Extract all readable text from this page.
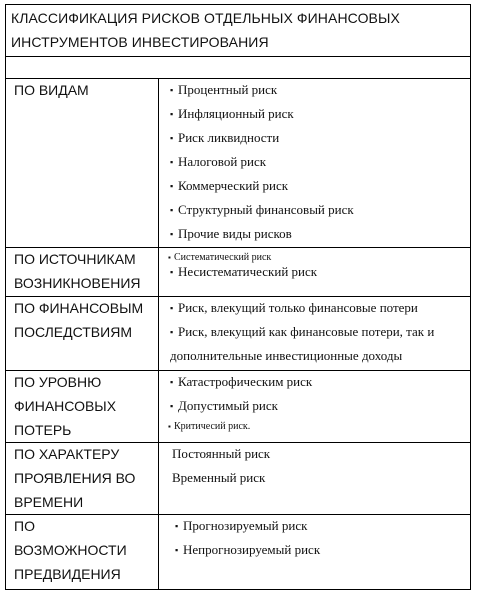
КЛАССИФИКАЦИЯ РИСКОВ ОТДЕЛЬНЫХ ФИНАНСОВЫХ ИНСТРУМЕНТОВ ИНВЕСТИРОВАНИЯ
ПО ВИДАМ	▪ Процентный риск
▪ Инфляционный риск
▪ Риск ликвидности
▪ Налоговой риск
▪ Коммерческий риск
▪ Структурный финансовый риск
▪ Прочие виды рисков
ПО ИСТОЧНИКАМ ВОЗНИКНОВЕНИЯ
▪ Систематический риск
▪ Несистематический риск
ПО ФИНАНСОВЫМ ПОСЛЕДСТВИЯМ
▪ Риск, влекущий только финансовые потери
▪ Риск, влекущий как финансовые потери, так и дополнительные инвестиционные доходы
ПО УРОВНЮ ФИНАНСОВЫХ ПОТЕРЬ
▪ Катастрофическим риск
▪ Допустимый риск
▪ Критичесий риск.
ПО ХАРАКТЕРУ ПРОЯВЛЕНИЯ ВО ВРЕМЕНИ
Постоянный риск
Временный риск
ПО ВОЗМОЖНОСТИ ПРЕДВИДЕНИЯ
▪ Прогнозируемый риск
▪ Непрогнозируемый риск
